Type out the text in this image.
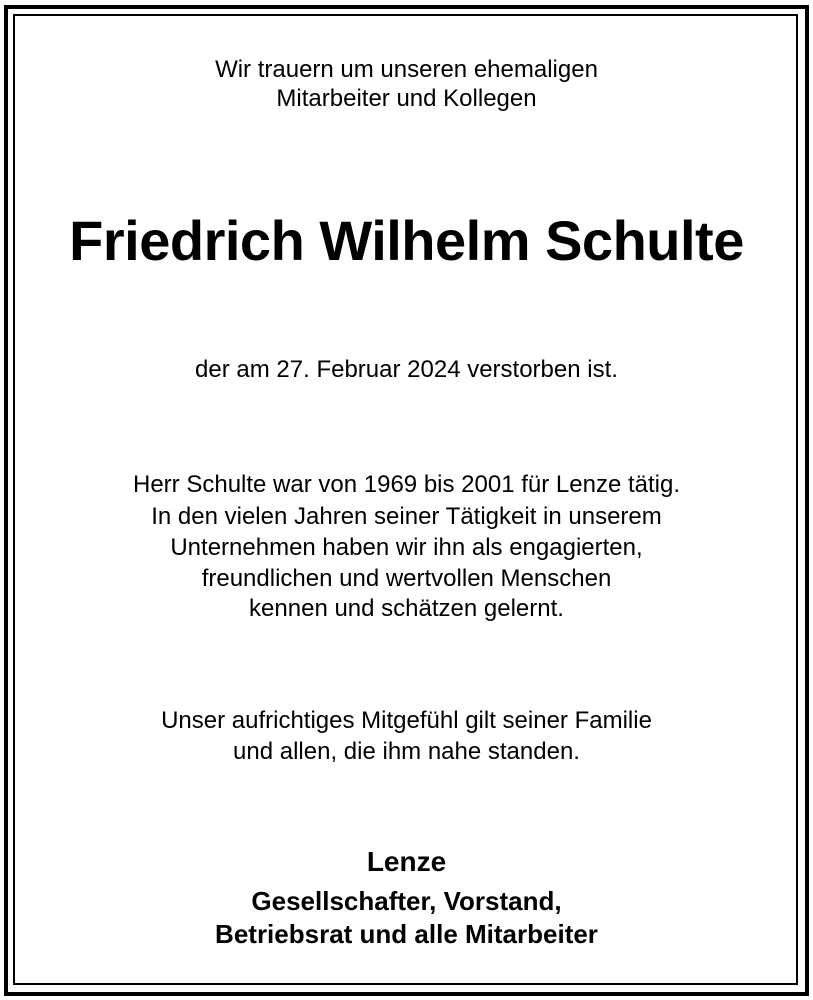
Wir trauern um unseren ehemaligen
Mitarbeiter und Kollegen
Friedrich Wilhelm Schulte
der am 27. Februar 2024 verstorben ist.
Herr Schulte war von 1969 bis 2001 für Lenze tätig.
In den vielen Jahren seiner Tätigkeit in unserem
Unternehmen haben wir ihn als engagierten,
freundlichen und wertvollen Menschen
kennen und schätzen gelernt.
Unser aufrichtiges Mitgefühl gilt seiner Familie
und allen, die ihm nahe standen.
Lenze
Gesellschafter, Vorstand,
Betriebsrat und alle Mitarbeiter
